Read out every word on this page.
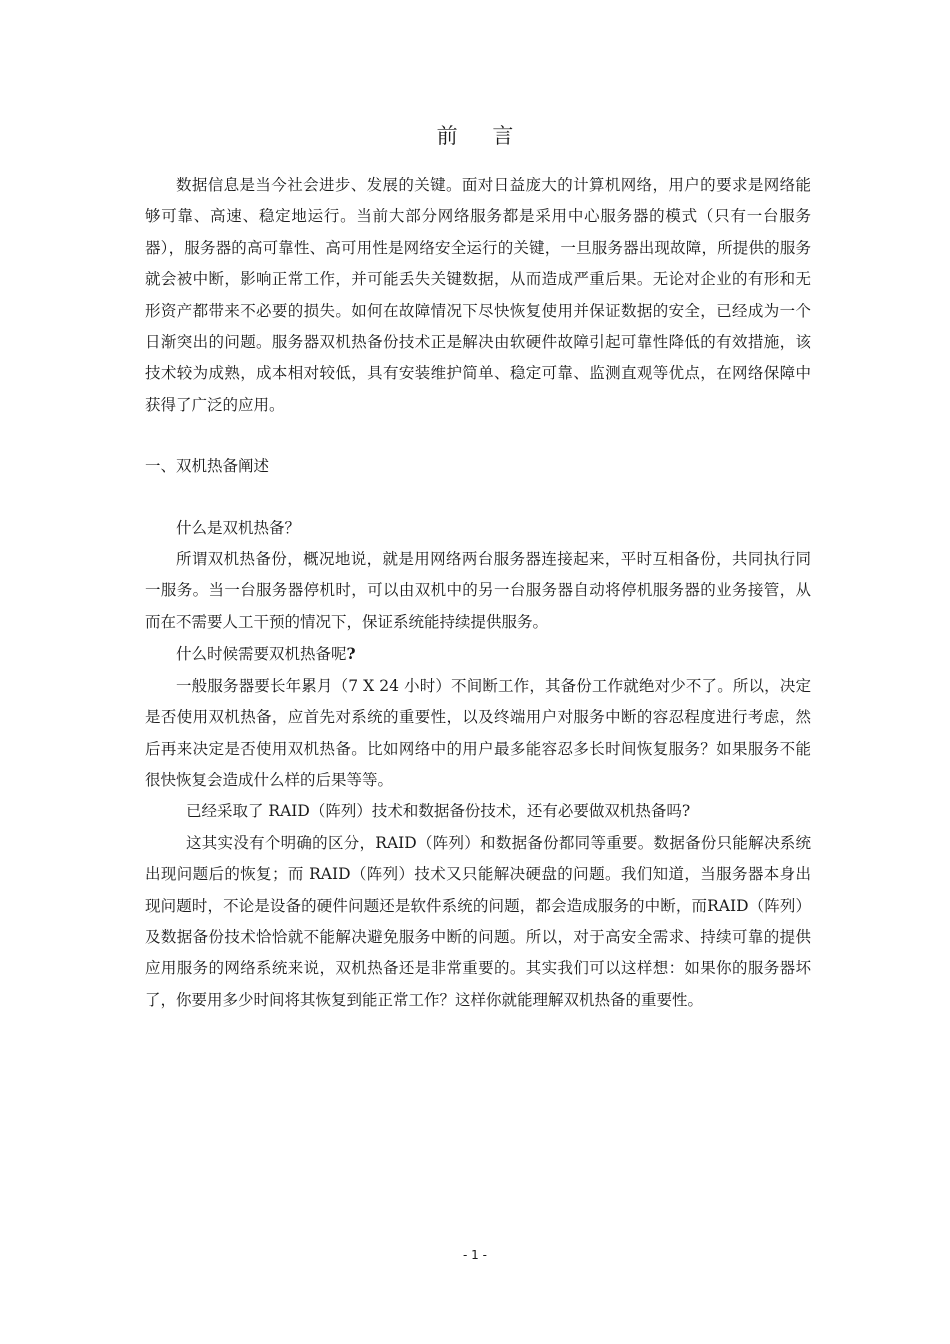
前 言

数据信息是当今社会进步、发展的关键。面对日益庞大的计算机网络，用户的要求是网络能够可靠、高速、稳定地运行。当前大部分网络服务都是采用中心服务器的模式（只有一台服务器），服务器的高可靠性、高可用性是网络安全运行的关键，一旦服务器出现故障，所提供的服务就会被中断，影响正常工作，并可能丢失关键数据，从而造成严重后果。无论对企业的有形和无形资产都带来不必要的损失。如何在故障情况下尽快恢复使用并保证数据的安全，已经成为一个日渐突出的问题。服务器双机热备份技术正是解决由软硬件故障引起可靠性降低的有效措施，该技术较为成熟，成本相对较低，具有安装维护简单、稳定可靠、监测直观等优点，在网络保障中获得了广泛的应用。

一、双机热备阐述

什么是双机热备？

所谓双机热备份，概况地说，就是用网络两台服务器连接起来，平时互相备份，共同执行同一服务。当一台服务器停机时，可以由双机中的另一台服务器自动将停机服务器的业务接管，从而在不需要人工干预的情况下，保证系统能持续提供服务。

什么时候需要双机热备呢?

一般服务器要长年累月（7 X 24 小时）不间断工作，其备份工作就绝对少不了。所以，决定是否使用双机热备，应首先对系统的重要性，以及终端用户对服务中断的容忍程度进行考虑，然后再来决定是否使用双机热备。比如网络中的用户最多能容忍多长时间恢复服务？如果服务不能很快恢复会造成什么样的后果等等。

已经采取了 RAID（阵列）技术和数据备份技术，还有必要做双机热备吗?

这其实没有个明确的区分，RAID（阵列）和数据备份都同等重要。数据备份只能解决系统出现问题后的恢复；而 RAID（阵列）技术又只能解决硬盘的问题。我们知道，当服务器本身出现问题时，不论是设备的硬件问题还是软件系统的问题，都会造成服务的中断，而RAID（阵列）及数据备份技术恰恰就不能解决避免服务中断的问题。所以，对于高安全需求、持续可靠的提供应用服务的网络系统来说，双机热备还是非常重要的。其实我们可以这样想：如果你的服务器坏了，你要用多少时间将其恢复到能正常工作？这样你就能理解双机热备的重要性。

- 1 -
